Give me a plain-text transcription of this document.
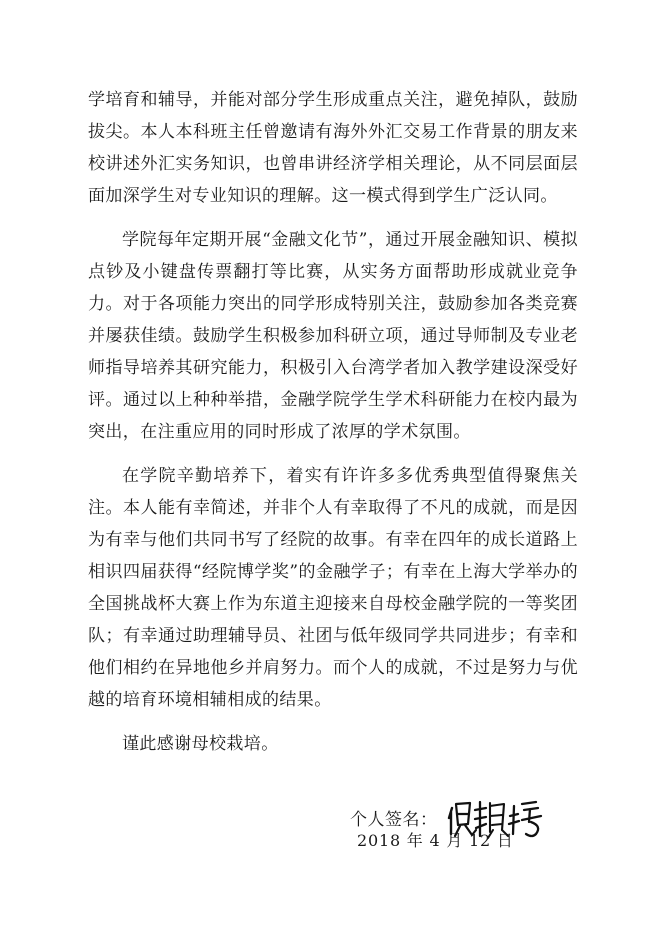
学培育和辅导，并能对部分学生形成重点关注，避免掉队，鼓励拔尖。本人本科班主任曾邀请有海外外汇交易工作背景的朋友来校讲述外汇实务知识，也曾串讲经济学相关理论，从不同层面层面加深学生对专业知识的理解。这一模式得到学生广泛认同。

学院每年定期开展“金融文化节”，通过开展金融知识、模拟点钞及小键盘传票翻打等比赛，从实务方面帮助形成就业竞争力。对于各项能力突出的同学形成特别关注，鼓励参加各类竞赛并屡获佳绩。鼓励学生积极参加科研立项，通过导师制及专业老师指导培养其研究能力，积极引入台湾学者加入教学建设深受好评。通过以上种种举措，金融学院学生学术科研能力在校内最为突出，在注重应用的同时形成了浓厚的学术氛围。

在学院辛勤培养下，着实有许许多多优秀典型值得聚焦关注。本人能有幸简述，并非个人有幸取得了不凡的成就，而是因为有幸与他们共同书写了经院的故事。有幸在四年的成长道路上相识四届获得“经院博学奖”的金融学子；有幸在上海大学举办的全国挑战杯大赛上作为东道主迎接来自母校金融学院的一等奖团队；有幸通过助理辅导员、社团与低年级同学共同进步；有幸和他们相约在异地他乡并肩努力。而个人的成就，不过是努力与优越的培育环境相辅相成的结果。

谨此感谢母校栽培。

个人签名：
2018 年 4 月 12 日
